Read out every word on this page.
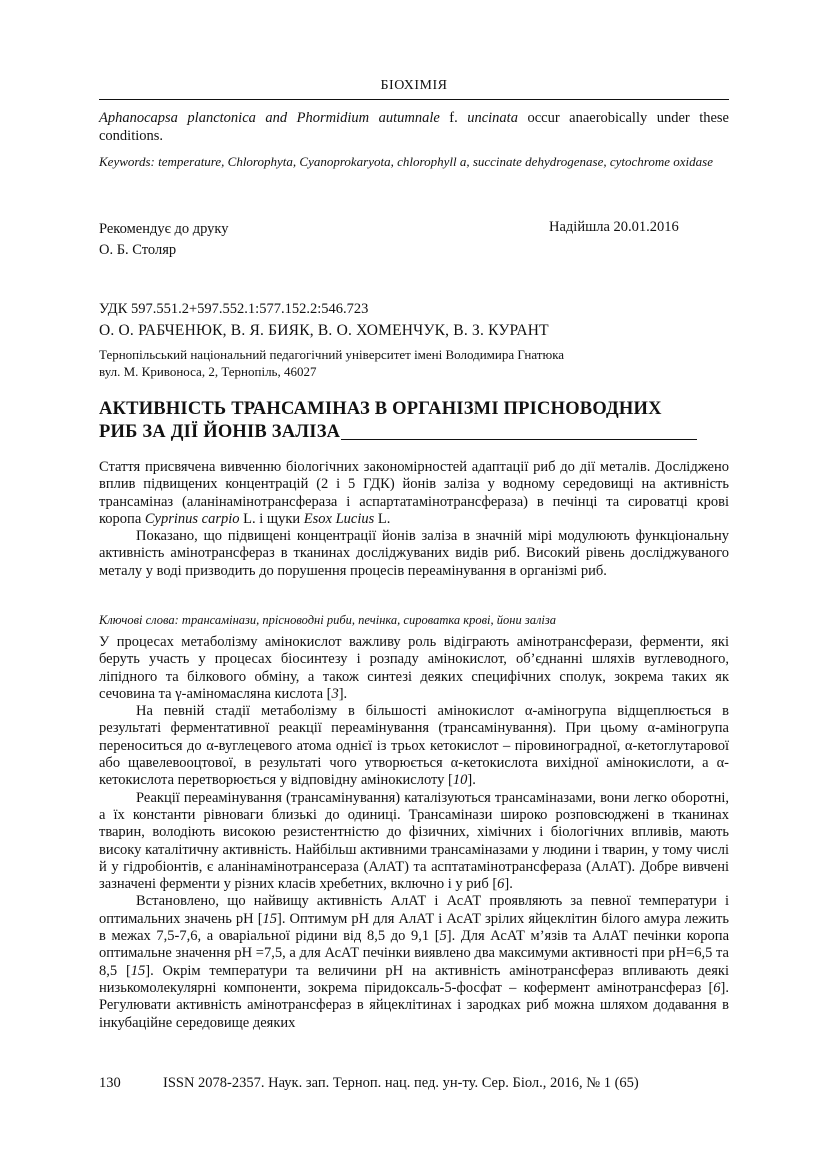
БІОХІМІЯ
Aphanocapsa planctonica and Phormidium autumnale f. uncinata occur anaerobically under these conditions.
Keywords: temperature, Chlorophyta, Cyanoprokaryota, chlorophyll a, succinate dehydrogenase, cytochrome oxidase
Рекомендує до друку
О. Б. Столяр
Надійшла 20.01.2016
УДК 597.551.2+597.552.1:577.152.2:546.723
О. О. РАБЧЕНЮК, В. Я. БИЯК, В. О. ХОМЕНЧУК, В. З. КУРАНТ
Тернопільський національний педагогічний університет імені Володимира Гнатюка
вул. М. Кривоноса, 2, Тернопіль, 46027
АКТИВНІСТЬ ТРАНСАМІНАЗ В ОРГАНІЗМІ ПРІСНОВОДНИХ
РИБ ЗА ДІЇ ЙОНІВ ЗАЛІЗА

Стаття присвячена вивченню біологічних закономірностей адаптації риб до дії металів. Досліджено вплив підвищених концентрацій (2 і 5 ГДК) йонів заліза у водному середовищі на активність трансаміназ (аланінамінотрансфераза і аспартатамінотрансфераза) в печінці та сироватці крові коропа Cyprinus carpio L. і щуки Esox Lucius L.

Показано, що підвищені концентрації йонів заліза в значній мірі модулюють функціональну активність амінотрансфераз в тканинах досліджуваних видів риб. Високий рівень досліджуваного металу у воді призводить до порушення процесів переамінування в організмі риб.

Ключові слова: трансамінази, прісноводні риби, печінка, сироватка крові, йони заліза

У процесах метаболізму амінокислот важливу роль відіграють амінотрансферази, ферменти, які беруть участь у процесах біосинтезу і розпаду амінокислот, об’єднанні шляхів вуглеводного, ліпідного та білкового обміну, а також синтезі деяких специфічних сполук, зокрема таких як сечовина та γ-аміномасляна кислота [3].

На певній стадії метаболізму в більшості амінокислот α-аміногрупа відщеплюється в результаті ферментативної реакції переамінування (трансамінування). При цьому α-аміногрупа переноситься до α-вуглецевого атома однієї із трьох кетокислот – піровиноградної, α-кетоглутарової або щавелевооцтової, в результаті чого утворюється α-кетокислота вихідної амінокислоти, а α-кетокислота перетворюється у відповідну амінокислоту [10].

Реакції переамінування (трансамінування) каталізуються трансаміназами, вони легко оборотні, а їх константи рівноваги близькі до одиниці. Трансамінази широко розповсюджені в тканинах тварин, володіють високою резистентністю до фізичних, хімічних і біологічних впливів, мають високу каталітичну активність. Найбільш активними трансаміназами у людини і тварин, у тому числі й у гідробіонтів, є аланінамінотрансераза (АлАТ) та асптатамінотрансфераза (АлАТ). Добре вивчені зазначені ферменти у різних класів хребетних, включно і у риб [6].

Встановлено, що найвищу активність АлАТ і АсАТ проявляють за певної температури і оптимальних значень рН [15]. Оптимум рН для АлАТ і АсАТ зрілих яйцеклітин білого амура лежить в межах 7,5-7,6, а оваріальної рідини від 8,5 до 9,1 [5]. Для АсАТ м’язів та АлАТ печінки коропа оптимальне значення рН =7,5, а для АсАТ печінки виявлено два максимуми активності при рН=6,5 та 8,5 [15]. Окрім температури та величини рН на активність амінотрансфераз впливають деякі низькомолекулярні компоненти, зокрема піридоксаль-5-фосфат – кофермент амінотрансфераз [6]. Регулювати активність амінотрансфераз в яйцеклітинах і зародках риб можна шляхом додавання в інкубаційне середовище деяких

130	ISSN 2078-2357. Наук. зап. Терноп. нац. пед. ун-ту. Сер. Біол., 2016, № 1 (65)
